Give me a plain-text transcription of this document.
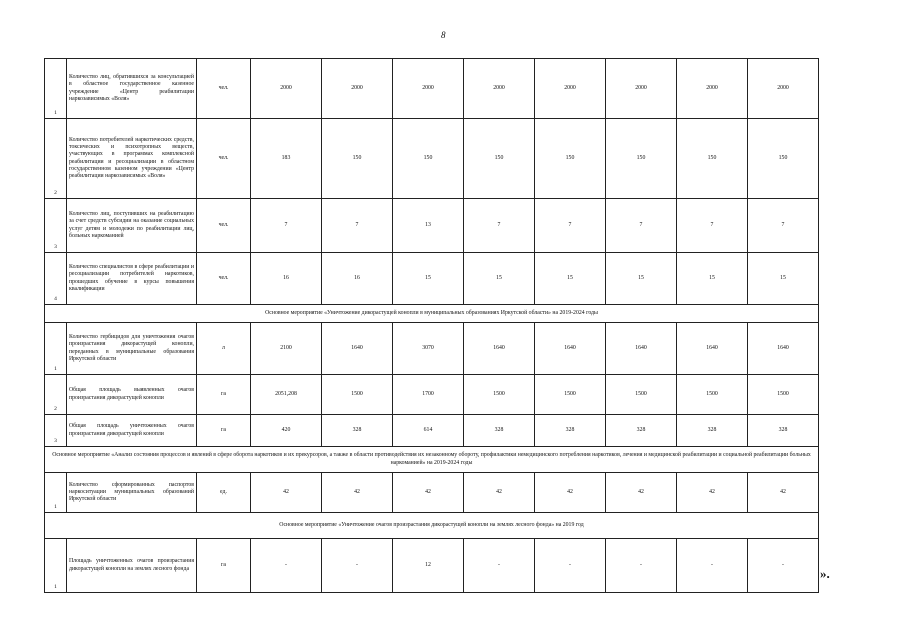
8
1	Количество лиц, обратившихся за консультацией в областное государственное казенное учреждение «Центр реабилитации наркозависимых «Воля»	чел.	2000	2000	2000	2000	2000	2000	2000	2000
2	Количество потребителей наркотических средств, токсических и психотропных веществ, участвующих в программах комплексной реабилитации и ресоциализации в областном государственном казенном учреждении «Центр реабилитации наркозависимых «Воля»	чел.	183	150	150	150	150	150	150	150
3	Количество лиц, поступивших на реабилитацию за счет средств субсидии на оказание социальных услуг детям и молодежи по реабилитации лиц, больных наркоманией	чел.	7	7	13	7	7	7	7	7
4	Количество специалистов в сфере реабилитации и ресоциализации потребителей наркотиков, прошедших обучение в курсы повышения квалификации	чел.	16	16	15	15	15	15	15	15
Основное мероприятие «Уничтожение дикорастущей конопли в муниципальных образованиях Иркутской области» на 2019-2024 годы										
1	Количество гербицидов для уничтожения очагов произрастания дикорастущей конопли, переданных в муниципальные образования Иркутской области	л	2100	1640	3070	1640	1640	1640	1640	1640
2	Общая площадь выявленных очагов произрастания дикорастущей конопли	га	2051,208	1500	1700	1500	1500	1500	1500	1500
3	Общая площадь уничтоженных очагов произрастания дикорастущей конопли	га	420	328	614	328	328	328	328	328
Основное мероприятие «Анализ состояния процессов и явлений в сфере оборота наркотиков и их прекурсоров, а также в области противодействия их незаконному обороту, профилактики немедицинского потребления наркотиков, лечения и медицинской реабилитации и социальной реабилитации больных наркоманией» на 2019-2024 годы										
1	Количество сформированных паспортов наркоситуации муниципальных образований Иркутской области	ед.	42	42	42	42	42	42	42	42
Основное мероприятие «Уничтожение очагов произрастания дикорастущей конопли на землях лесного фонда» на 2019 год										
1	Площадь уничтоженных очагов произрастания дикорастущей конопли на землях лесного фонда	га	-	-	12	-	-	-	-	-
».
